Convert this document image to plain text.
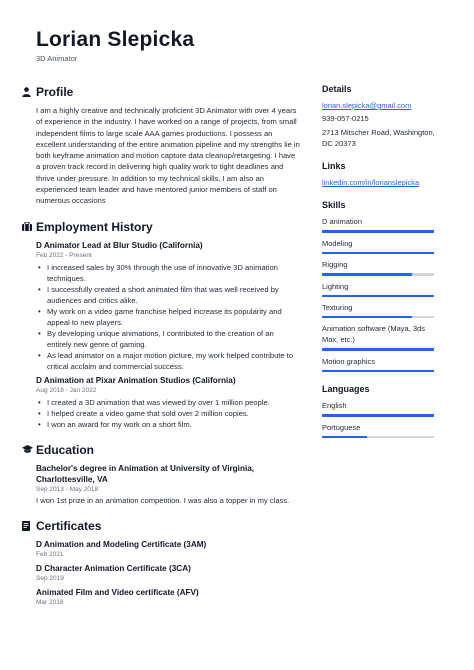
Lorian Slepicka
3D Animator
Profile

I am a highly creative and technically proficient 3D Animator with over 4 years of experience in the industry. I have worked on a range of projects, from small independent films to large scale AAA games productions. I possess an excellent understanding of the entire animation pipeline and my strengths lie in both keyframe animation and motion capture data cleanup/retargeting. I have a proven track record in delivering high quality work to tight deadlines and thrive under pressure. In addition to my technical skills, I am also an experienced team leader and have mentored junior members of staff on numerous occasions

Employment History
D Animator Lead at Blur Studio (California)
Feb 2022 - Present
• I increased sales by 30% through the use of innovative 3D animation techniques.
• I successfully created a short animated film that was well received by audiences and critics alike.
• My work on a video game franchise helped increase its popularity and appeal to new players.
• By developing unique animations, I contributed to the creation of an entirely new genre of gaming.
• As lead animator on a major motion picture, my work helped contribute to critical acclaim and commercial success.
D Animation at Pixar Animation Studios (California)
Aug 2018 - Jan 2022
• I created a 3D animation that was viewed by over 1 million people.
• I helped create a video game that sold over 2 million copies.
• I won an award for my work on a short film.
Education
Bachelor's degree in Animation at University of Virginia, Charlottesville, VA
Sep 2013 - May 2018
I won 1st prize in an animation competition. I was also a topper in my class.
Certificates
D Animation and Modeling Certificate (3AM)
Feb 2021
D Character Animation Certificate (3CA)
Sep 2019
Animated Film and Video certificate (AFV)
Mar 2018
Details
lorian.slepicka@gmail.com
939-057-0215
2713 Mitscher Road, Washington, DC 20373
Links
linkedin.com/in/lorianslepicka
Skills
D animation
Modeling
Rigging
Lighting
Texturing
Animation software (Maya, 3ds Max, etc.)
Motion graphics
Languages
English
Portuguese
